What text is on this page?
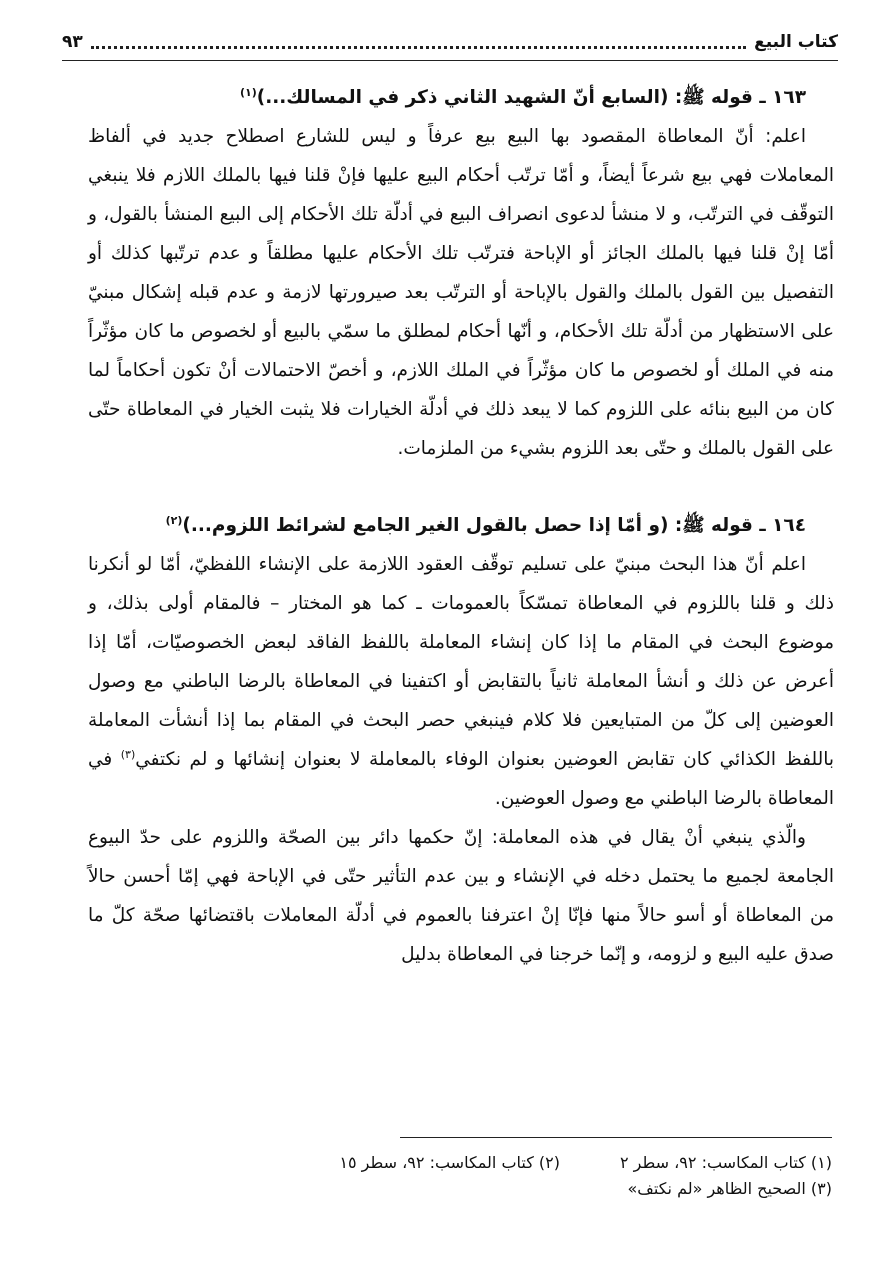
كتاب البيع
٩٣

١٦٣ ـ قوله ﷺ: (السابع أنّ الشهيد الثاني ذكر في المسالك...)$^{(١)}$

اعلم: أنّ المعاطاة المقصود بها البيع بيع عرفاً و ليس للشارع اصطلاح جديد في ألفاظ المعاملات فهي بيع شرعاً أيضاً، و أمّا ترتّب أحكام البيع عليها فإنْ قلنا فيها بالملك اللازم فلا ينبغي التوقّف في الترتّب، و لا منشأ لدعوى انصراف البيع في أدلّة تلك الأحكام إلى البيع المنشأ بالقول، و أمّا إنْ قلنا فيها بالملك الجائز أو الإباحة فترتّب تلك الأحكام عليها مطلقاً و عدم ترتّبها كذلك أو التفصيل بين القول بالملك والقول بالإباحة أو الترتّب بعد صيرورتها لازمة و عدم قبله إشكال مبنيّ على الاستظهار من أدلّة تلك الأحكام، و أنّها أحكام لمطلق ما سمّي بالبيع أو لخصوص ما كان مؤثّراً منه في الملك أو لخصوص ما كان مؤثّراً في الملك اللازم، و أخصّ الاحتمالات أنْ تكون أحكاماً لما كان من البيع بنائه على اللزوم كما لا يبعد ذلك في أدلّة الخيارات فلا يثبت الخيار في المعاطاة حتّى على القول بالملك و حتّى بعد اللزوم بشيء من الملزمات.

١٦٤ ـ قوله ﷺ: (و أمّا إذا حصل بالقول الغير الجامع لشرائط اللزوم...)$^{(٢)}$

اعلم أنّ هذا البحث مبنيّ على تسليم توقّف العقود اللازمة على الإنشاء اللفظيّ، أمّا لو أنكرنا ذلك و قلنا باللزوم في المعاطاة تمسّكاً بالعمومات ـ كما هو المختار – فالمقام أولى بذلك، و موضوع البحث في المقام ما إذا كان إنشاء المعاملة باللفظ الفاقد لبعض الخصوصيّات، أمّا إذا أعرض عن ذلك و أنشأ المعاملة ثانياً بالتقابض أو اكتفينا في المعاطاة بالرضا الباطني مع وصول العوضين إلى كلّ من المتبايعين فلا كلام فينبغي حصر البحث في المقام بما إذا أنشأت المعاملة باللفظ الكذائي كان تقابض العوضين بعنوان الوفاء بالمعاملة لا بعنوان إنشائها و لم نكتفي$^{(٣)}$ في المعاطاة بالرضا الباطني مع وصول العوضين.

والّذي ينبغي أنْ يقال في هذه المعاملة: إنّ حكمها دائر بين الصحّة واللزوم على حدّ البيوع الجامعة لجميع ما يحتمل دخله في الإنشاء و بين عدم التأثير حتّى في الإباحة فهي إمّا أحسن حالاً من المعاطاة أو أسو حالاً منها فإنّا إنْ اعترفنا بالعموم في أدلّة المعاملات باقتضائها صحّة كلّ ما صدق عليه البيع و لزومه، و إنّما خرجنا في المعاطاة بدليل

(١) كتاب المكاسب: ٩٢، سطر ٢
(٢) كتاب المكاسب: ٩٢، سطر ١٥
(٣) الصحيح الظاهر «لم نكتف»
